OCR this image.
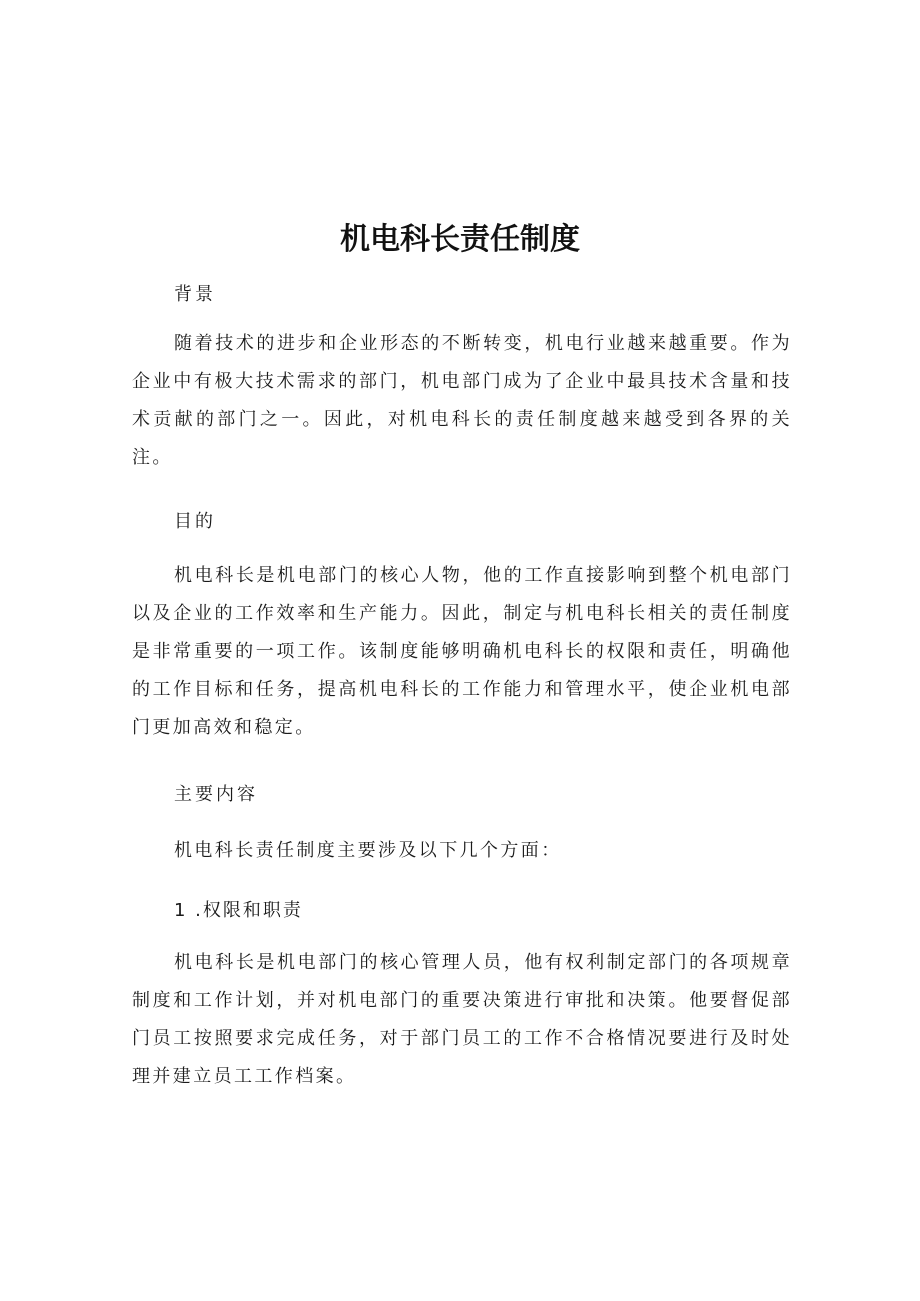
机电科长责任制度
背景
随着技术的进步和企业形态的不断转变，机电行业越来越重要。作为企业中有极大技术需求的部门，机电部门成为了企业中最具技术含量和技术贡献的部门之一。因此，对机电科长的责任制度越来越受到各界的关注。
目的
机电科长是机电部门的核心人物，他的工作直接影响到整个机电部门以及企业的工作效率和生产能力。因此，制定与机电科长相关的责任制度是非常重要的一项工作。该制度能够明确机电科长的权限和责任，明确他的工作目标和任务，提高机电科长的工作能力和管理水平，使企业机电部门更加高效和稳定。
主要内容
机电科长责任制度主要涉及以下几个方面：
1 .权限和职责
机电科长是机电部门的核心管理人员，他有权利制定部门的各项规章制度和工作计划，并对机电部门的重要决策进行审批和决策。他要督促部门员工按照要求完成任务，对于部门员工的工作不合格情况要进行及时处理并建立员工工作档案。
